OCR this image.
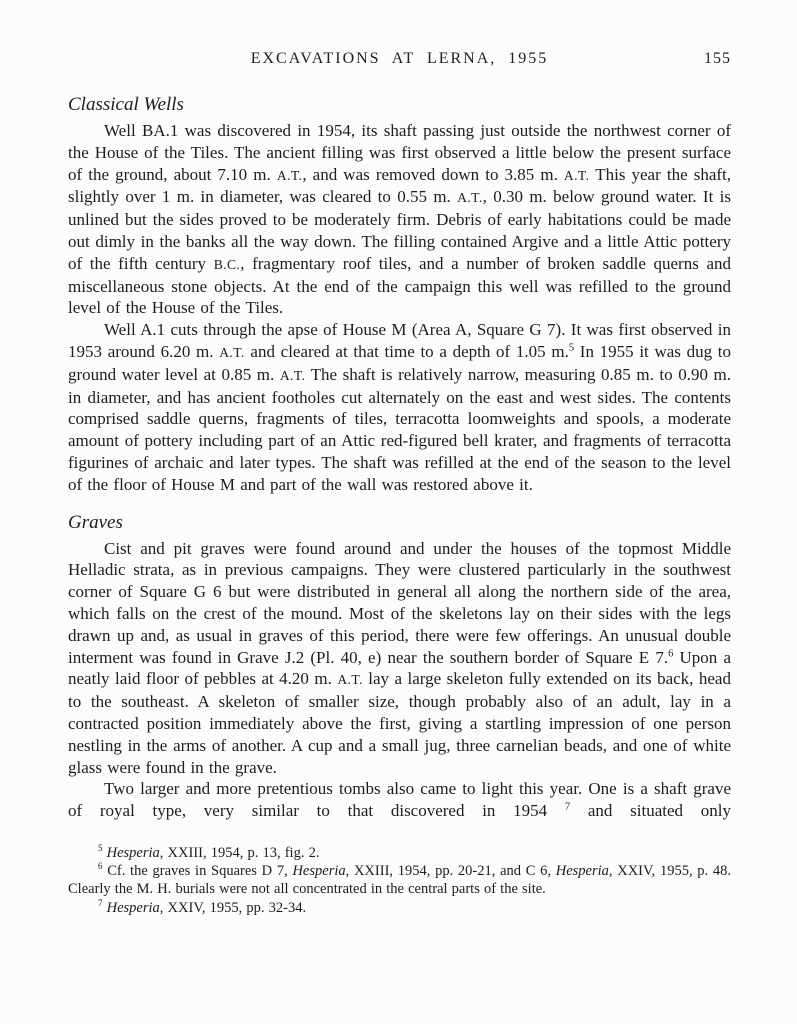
EXCAVATIONS AT LERNA, 1955	155
Classical Wells

Well BA.1 was discovered in 1954, its shaft passing just outside the northwest corner of the House of the Tiles. The ancient filling was first observed a little below the present surface of the ground, about 7.10 m. A.T., and was removed down to 3.85 m. A.T. This year the shaft, slightly over 1 m. in diameter, was cleared to 0.55 m. A.T., 0.30 m. below ground water. It is unlined but the sides proved to be moderately firm. Debris of early habitations could be made out dimly in the banks all the way down. The filling contained Argive and a little Attic pottery of the fifth century B.C., fragmentary roof tiles, and a number of broken saddle querns and miscellaneous stone objects. At the end of the campaign this well was refilled to the ground level of the House of the Tiles.

Well A.1 cuts through the apse of House M (Area A, Square G 7). It was first observed in 1953 around 6.20 m. A.T. and cleared at that time to a depth of 1.05 m.$^5$ In 1955 it was dug to ground water level at 0.85 m. A.T. The shaft is relatively narrow, measuring 0.85 m. to 0.90 m. in diameter, and has ancient footholes cut alternately on the east and west sides. The contents comprised saddle querns, fragments of tiles, terracotta loomweights and spools, a moderate amount of pottery including part of an Attic red-figured bell krater, and fragments of terracotta figurines of archaic and later types. The shaft was refilled at the end of the season to the level of the floor of House M and part of the wall was restored above it.

Graves

Cist and pit graves were found around and under the houses of the topmost Middle Helladic strata, as in previous campaigns. They were clustered particularly in the southwest corner of Square G 6 but were distributed in general all along the northern side of the area, which falls on the crest of the mound. Most of the skeletons lay on their sides with the legs drawn up and, as usual in graves of this period, there were few offerings. An unusual double interment was found in Grave J.2 (Pl. 40, e) near the southern border of Square E 7.$^6$ Upon a neatly laid floor of pebbles at 4.20 m. A.T. lay a large skeleton fully extended on its back, head to the southeast. A skeleton of smaller size, though probably also of an adult, lay in a contracted position immediately above the first, giving a startling impression of one person nestling in the arms of another. A cup and a small jug, three carnelian beads, and one of white glass were found in the grave.

Two larger and more pretentious tombs also came to light this year. One is a shaft grave of royal type, very similar to that discovered in 1954 $^7$ and situated only

$^5$ Hesperia, XXIII, 1954, p. 13, fig. 2.

$^6$ Cf. the graves in Squares D 7, Hesperia, XXIII, 1954, pp. 20-21, and C 6, Hesperia, XXIV, 1955, p. 48. Clearly the M. H. burials were not all concentrated in the central parts of the site.

$^7$ Hesperia, XXIV, 1955, pp. 32-34.
